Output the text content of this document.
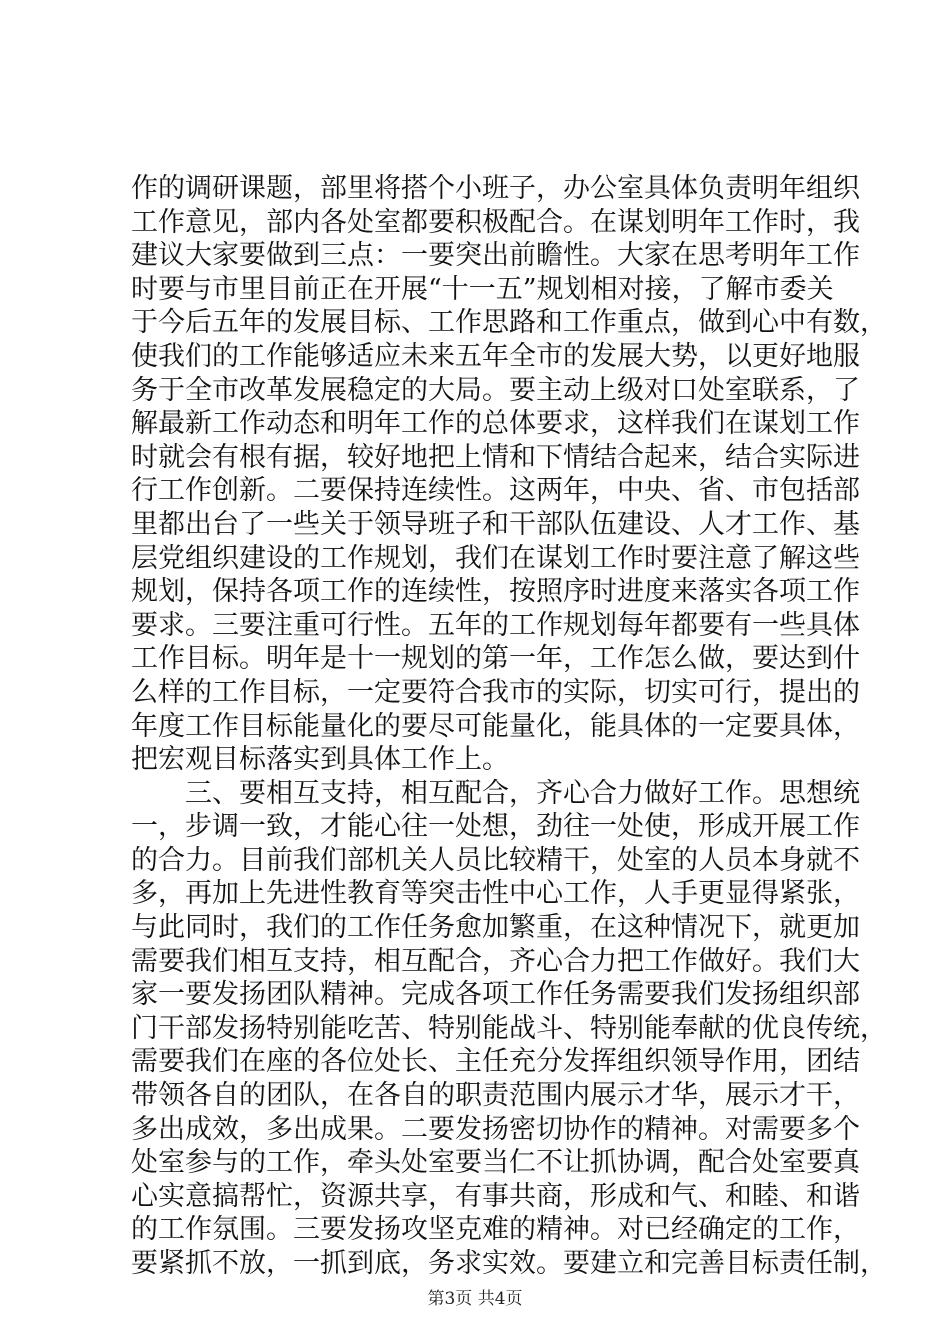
作的调研课题，部里将搭个小班子，办公室具体负责明年组织
工作意见，部内各处室都要积极配合。在谋划明年工作时，我
建议大家要做到三点：一要突出前瞻性。大家在思考明年工作
时要与市里目前正在开展“十一五”规划相对接，了解市委关
于今后五年的发展目标、工作思路和工作重点，做到心中有数，
使我们的工作能够适应未来五年全市的发展大势，以更好地服
务于全市改革发展稳定的大局。要主动上级对口处室联系，了
解最新工作动态和明年工作的总体要求，这样我们在谋划工作
时就会有根有据，较好地把上情和下情结合起来，结合实际进
行工作创新。二要保持连续性。这两年，中央、省、市包括部
里都出台了一些关于领导班子和干部队伍建设、人才工作、基
层党组织建设的工作规划，我们在谋划工作时要注意了解这些
规划，保持各项工作的连续性，按照序时进度来落实各项工作
要求。三要注重可行性。五年的工作规划每年都要有一些具体
工作目标。明年是十一规划的第一年，工作怎么做，要达到什
么样的工作目标，一定要符合我市的实际，切实可行，提出的
年度工作目标能量化的要尽可能量化，能具体的一定要具体，
把宏观目标落实到具体工作上。
三、要相互支持，相互配合，齐心合力做好工作。思想统
一，步调一致，才能心往一处想，劲往一处使，形成开展工作
的合力。目前我们部机关人员比较精干，处室的人员本身就不
多，再加上先进性教育等突击性中心工作，人手更显得紧张，
与此同时，我们的工作任务愈加繁重，在这种情况下，就更加
需要我们相互支持，相互配合，齐心合力把工作做好。我们大
家一要发扬团队精神。完成各项工作任务需要我们发扬组织部
门干部发扬特别能吃苦、特别能战斗、特别能奉献的优良传统，
需要我们在座的各位处长、主任充分发挥组织领导作用，团结
带领各自的团队，在各自的职责范围内展示才华，展示才干，
多出成效，多出成果。二要发扬密切协作的精神。对需要多个
处室参与的工作，牵头处室要当仁不让抓协调，配合处室要真
心实意搞帮忙，资源共享，有事共商，形成和气、和睦、和谐
的工作氛围。三要发扬攻坚克难的精神。对已经确定的工作，
要紧抓不放，一抓到底，务求实效。要建立和完善目标责任制，
第3页 共4页
